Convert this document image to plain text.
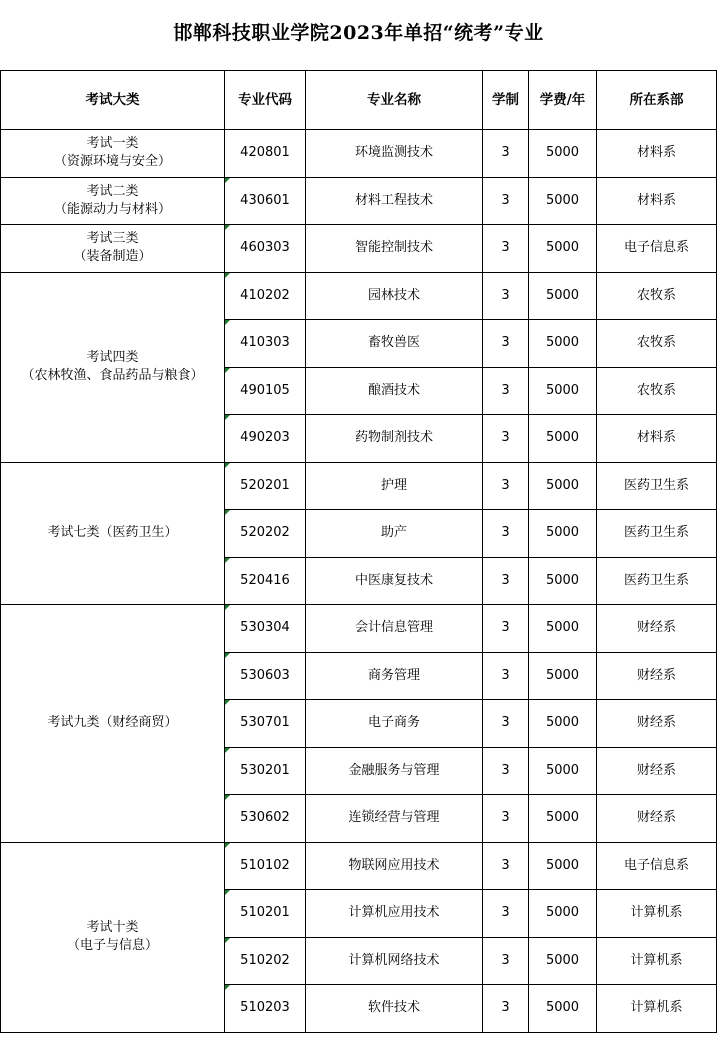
邯郸科技职业学院2023年单招“统考”专业
考试大类	专业代码	专业名称	学制	学费/年	所在系部

考试一类
（资源环境与安全）	420801	环境监测技术	3	5000	材料系

考试二类
（能源动力与材料）	430601	材料工程技术	3	5000	材料系

考试三类
（装备制造）	460303	智能控制技术	3	5000	电子信息系

考试四类
（农林牧渔、食品药品与粮食）	410202	园林技术	3	5000	农牧系

410303	畜牧兽医	3	5000	农牧系

490105	酿酒技术	3	5000	农牧系

490203	药物制剂技术	3	5000	材料系

考试七类（医药卫生）	520201	护理	3	5000	医药卫生系

520202	助产	3	5000	医药卫生系

520416	中医康复技术	3	5000	医药卫生系

考试九类（财经商贸）	530304	会计信息管理	3	5000	财经系

530603	商务管理	3	5000	财经系

530701	电子商务	3	5000	财经系

530201	金融服务与管理	3	5000	财经系

530602	连锁经营与管理	3	5000	财经系

考试十类
（电子与信息）	510102	物联网应用技术	3	5000	电子信息系

510201	计算机应用技术	3	5000	计算机系

510202	计算机网络技术	3	5000	计算机系

510203	软件技术	3	5000	计算机系
